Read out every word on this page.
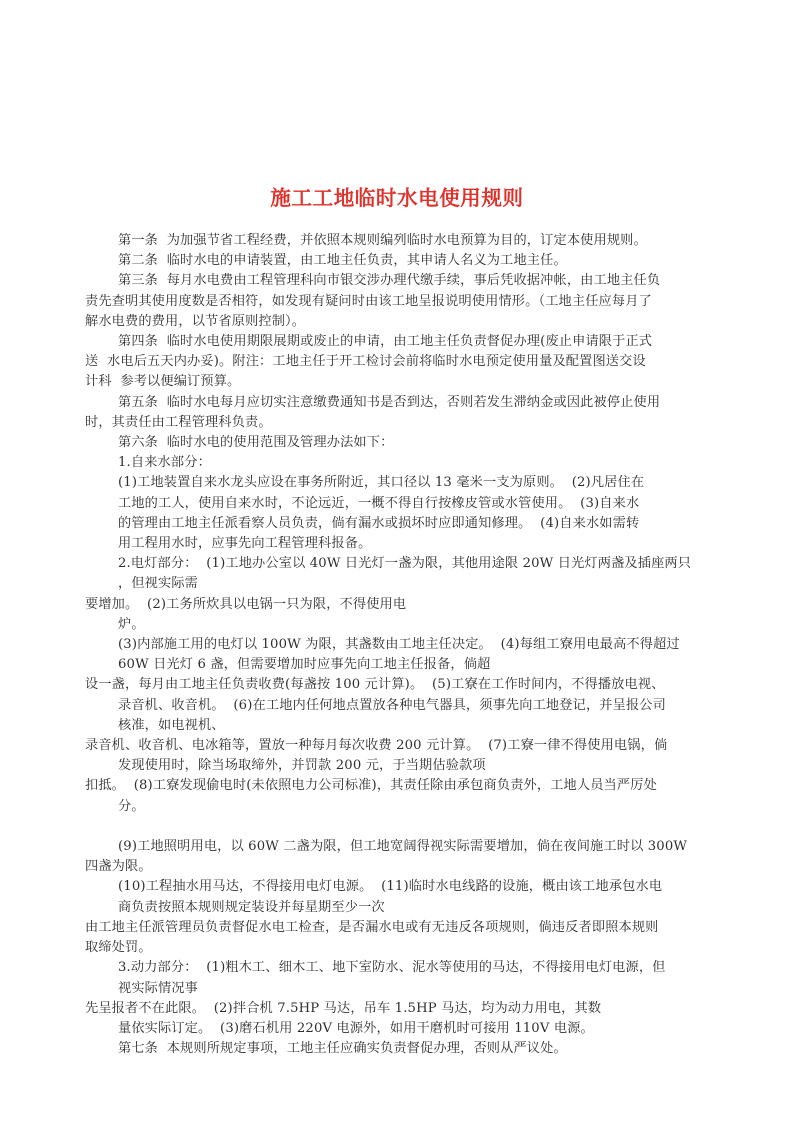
施工工地临时水电使用规则
第一条  为加强节省工程经费，并依照本规则编列临时水电预算为目的，订定本使用规则。
第二条  临时水电的申请装置，由工地主任负责，其申请人名义为工地主任。
第三条  每月水电费由工程管理科向市银交涉办理代缴手续，事后凭收据冲帐，由工地主任负
责先查明其使用度数是否相符，如发现有疑问时由该工地呈报说明使用情形。（工地主任应每月了
解水电费的费用，以节省原则控制）。
第四条  临时水电使用期限展期或废止的申请，由工地主任负责督促办理(废止申请限于正式
送  水电后五天内办妥)。附注：工地主任于开工检讨会前将临时水电预定使用量及配置图送交设
计科  参考以便编订预算。
第五条  临时水电每月应切实注意缴费通知书是否到达，否则若发生滞纳金或因此被停止使用
时，其责任由工程管理科负责。
第六条  临时水电的使用范围及管理办法如下：
1.自来水部分：
(1)工地装置自来水龙头应设在事务所附近，其口径以 13 毫米一支为原则。  (2)凡居住在
工地的工人，使用自来水时，不论远近，一概不得自行按橡皮管或水管使用。  (3)自来水
的管理由工地主任派看察人员负责，倘有漏水或损坏时应即通知修理。  (4)自来水如需转
用工程用水时，应事先向工程管理科报备。
2.电灯部分：  (1)工地办公室以 40W 日光灯一盏为限，其他用途限 20W 日光灯两盏及插座两只
，但视实际需
要增加。  (2)工务所炊具以电锅一只为限，不得使用电
炉。
(3)内部施工用的电灯以 100W 为限，其盏数由工地主任决定。  (4)每组工寮用电最高不得超过
60W 日光灯 6 盏，但需要增加时应事先向工地主任报备，倘超
设一盏，每月由工地主任负责收费(每盏按 100 元计算)。  (5)工寮在工作时间内，不得播放电视、
录音机、收音机。  (6)在工地内任何地点置放各种电气器具，须事先向工地登记，并呈报公司
核准，如电视机、
录音机、收音机、电冰箱等，置放一种每月每次收费 200 元计算。  (7)工寮一律不得使用电锅，倘
发现使用时，除当场取缔外，并罚款 200 元，于当期估验款项
扣抵。  (8)工寮发现偷电时(未依照电力公司标准)，其责任除由承包商负责外，工地人员当严厉处
分。
(9)工地照明用电，以 60W 二盏为限，但工地宽阔得视实际需要增加，倘在夜间施工时以 300W
四盏为限。
(10)工程抽水用马达，不得接用电灯电源。  (11)临时水电线路的设施，概由该工地承包水电
商负责按照本规则规定装设并每星期至少一次
由工地主任派管理员负责督促水电工检查，是否漏水电或有无违反各项规则，倘违反者即照本规则
取缔处罚。
3.动力部分：  (1)粗木工、细木工、地下室防水、泥水等使用的马达，不得接用电灯电源，但
视实际情况事
先呈报者不在此限。  (2)拌合机 7.5HP 马达，吊车 1.5HP 马达，均为动力用电，其数
量依实际订定。  (3)磨石机用 220V 电源外，如用干磨机时可接用 110V 电源。
第七条  本规则所规定事项，工地主任应确实负责督促办理，否则从严议处。
